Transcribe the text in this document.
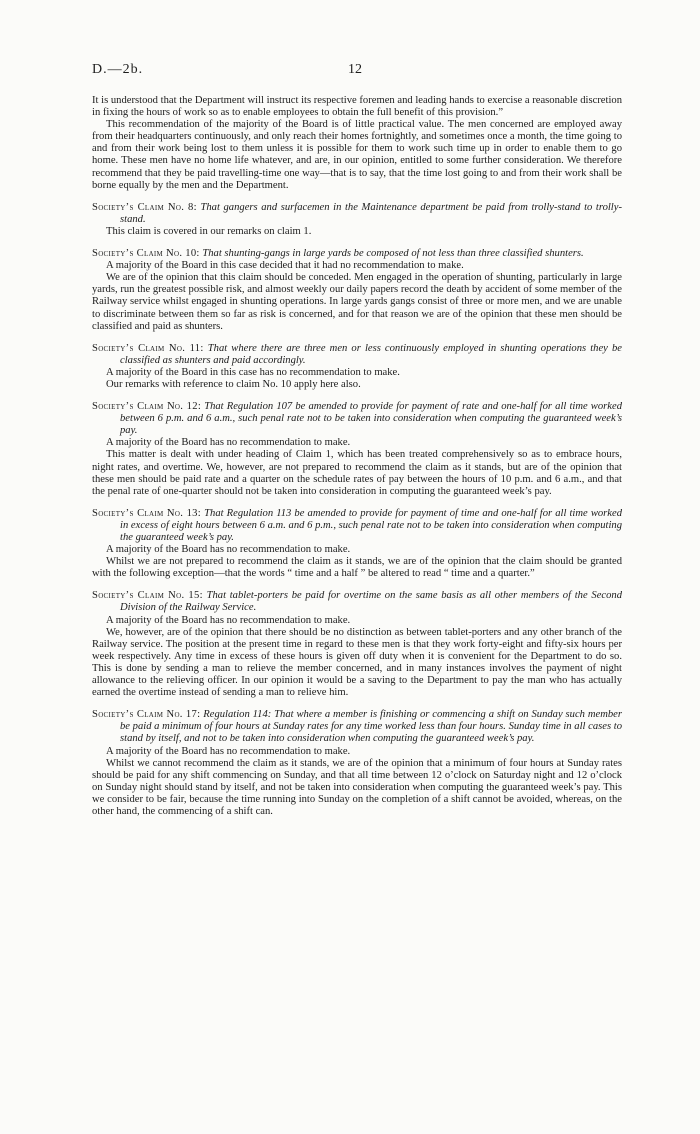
D.—2b.	12

It is understood that the Department will instruct its respective foremen and leading hands to exercise a reasonable discretion in fixing the hours of work so as to enable employees to obtain the full benefit of this provision.”

This recommendation of the majority of the Board is of little practical value. The men concerned are employed away from their headquarters continuously, and only reach their homes fortnightly, and sometimes once a month, the time going to and from their work being lost to them unless it is possible for them to work such time up in order to enable them to go home. These men have no home life whatever, and are, in our opinion, entitled to some further consideration. We therefore recommend that they be paid travelling-time one way—that is to say, that the time lost going to and from their work shall be borne equally by the men and the Department.

Society’s Claim No. 8: That gangers and surfacemen in the Maintenance department be paid from trolly-stand to trolly-stand.

This claim is covered in our remarks on claim 1.

Society’s Claim No. 10: That shunting-gangs in large yards be composed of not less than three classified shunters.

A majority of the Board in this case decided that it had no recommendation to make.

We are of the opinion that this claim should be conceded. Men engaged in the operation of shunting, particularly in large yards, run the greatest possible risk, and almost weekly our daily papers record the death by accident of some member of the Railway service whilst engaged in shunting operations. In large yards gangs consist of three or more men, and we are unable to discriminate between them so far as risk is concerned, and for that reason we are of the opinion that these men should be classified and paid as shunters.

Society’s Claim No. 11: That where there are three men or less continuously employed in shunting operations they be classified as shunters and paid accordingly.

A majority of the Board in this case has no recommendation to make.

Our remarks with reference to claim No. 10 apply here also.

Society’s Claim No. 12: That Regulation 107 be amended to provide for payment of rate and one-half for all time worked between 6 p.m. and 6 a.m., such penal rate not to be taken into consideration when computing the guaranteed week’s pay.

A majority of the Board has no recommendation to make.

This matter is dealt with under heading of Claim 1, which has been treated comprehensively so as to embrace hours, night rates, and overtime. We, however, are not prepared to recommend the claim as it stands, but are of the opinion that these men should be paid rate and a quarter on the schedule rates of pay between the hours of 10 p.m. and 6 a.m., and that the penal rate of one-quarter should not be taken into consideration in computing the guaranteed week’s pay.

Society’s Claim No. 13: That Regulation 113 be amended to provide for payment of time and one-half for all time worked in excess of eight hours between 6 a.m. and 6 p.m., such penal rate not to be taken into consideration when computing the guaranteed week’s pay.

A majority of the Board has no recommendation to make.

Whilst we are not prepared to recommend the claim as it stands, we are of the opinion that the claim should be granted with the following exception—that the words “ time and a half ” be altered to read “ time and a quarter.”

Society’s Claim No. 15: That tablet-porters be paid for overtime on the same basis as all other members of the Second Division of the Railway Service.

A majority of the Board has no recommendation to make.

We, however, are of the opinion that there should be no distinction as between tablet-porters and any other branch of the Railway service. The position at the present time in regard to these men is that they work forty-eight and fifty-six hours per week respectively. Any time in excess of these hours is given off duty when it is convenient for the Department to do so. This is done by sending a man to relieve the member concerned, and in many instances involves the payment of night allowance to the relieving officer. In our opinion it would be a saving to the Department to pay the man who has actually earned the overtime instead of sending a man to relieve him.

Society’s Claim No. 17: Regulation 114: That where a member is finishing or commencing a shift on Sunday such member be paid a minimum of four hours at Sunday rates for any time worked less than four hours. Sunday time in all cases to stand by itself, and not to be taken into consideration when computing the guaranteed week’s pay.

A majority of the Board has no recommendation to make.

Whilst we cannot recommend the claim as it stands, we are of the opinion that a minimum of four hours at Sunday rates should be paid for any shift commencing on Sunday, and that all time between 12 o’clock on Saturday night and 12 o’clock on Sunday night should stand by itself, and not be taken into consideration when computing the guaranteed week’s pay. This we consider to be fair, because the time running into Sunday on the completion of a shift cannot be avoided, whereas, on the other hand, the commencing of a shift can.
